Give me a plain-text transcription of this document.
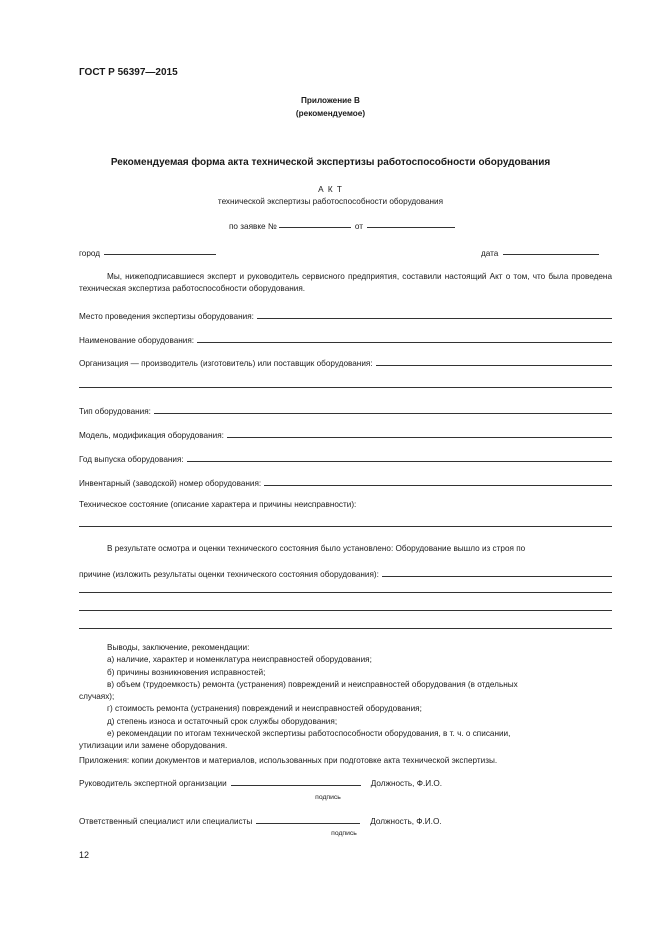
ГОСТ Р 56397—2015
Приложение В
(рекомендуемое)
Рекомендуемая форма акта технической экспертизы работоспособности оборудования
А К Т
технической экспертизы работоспособности оборудования
по заявке №	от
город	дата
Мы, нижеподписавшиеся эксперт и руководитель сервисного предприятия, составили настоящий Акт о том, что была проведена техническая экспертиза работоспособности оборудования.
Место проведения экспертизы оборудования:
Наименование оборудования:
Организация — производитель (изготовитель) или поставщик оборудования:
Тип оборудования:
Модель, модификация оборудования:
Год выпуска оборудования:
Инвентарный (заводской) номер оборудования:
Техническое состояние (описание характера и причины неисправности):
В результате осмотра и оценки технического состояния было установлено: Оборудование вышло из строя по
причине (изложить результаты оценки технического состояния оборудования):
Выводы, заключение, рекомендации:
а) наличие, характер и номенклатура неисправностей оборудования;
б) причины возникновения исправностей;
в) объем (трудоемкость) ремонта (устранения) повреждений и неисправностей оборудования (в отдельных
случаях);
г) стоимость ремонта (устранения) повреждений и неисправностей оборудования;
д) степень износа и остаточный срок службы оборудования;
е) рекомендации по итогам технической экспертизы работоспособности оборудования, в т. ч. о списании,
утилизации или замене оборудования.
Приложения: копии документов и материалов, использованных при подготовке акта технической экспертизы.
Руководитель экспертной организации	Должность, Ф.И.О.
подпись
Ответственный специалист или специалисты	Должность, Ф.И.О.
подпись
12
